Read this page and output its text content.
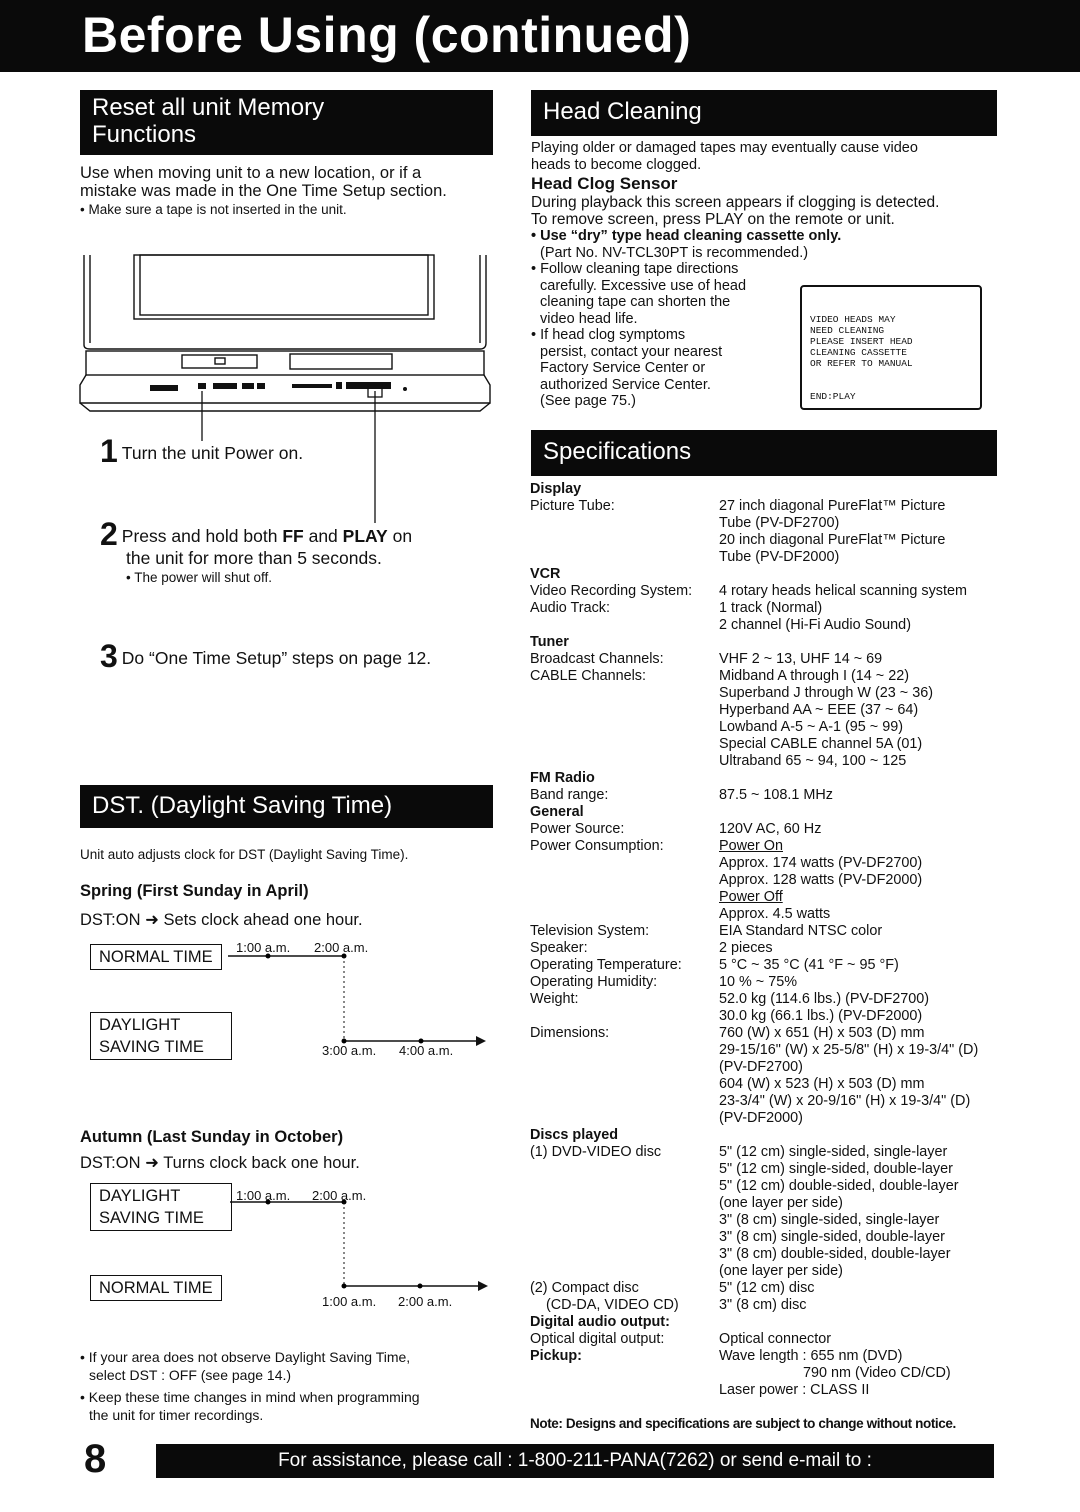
Before Using (continued)
Reset all unit Memory
Functions
Use when moving unit to a new location, or if a
mistake was made in the One Time Setup section.
• Make sure a tape is not inserted in the unit.
1 Turn the unit Power on.
2 Press and hold both FF and PLAY on
the unit for more than 5 seconds.
• The power will shut off.
3 Do “One Time Setup” steps on page 12.
DST. (Daylight Saving Time)
Unit auto adjusts clock for DST (Daylight Saving Time).
Spring (First Sunday in April)
DST:ON ➜ Sets clock ahead one hour.
NORMAL TIME
DAYLIGHT
SAVING TIME
1:00 a.m. 2:00 a.m.
3:00 a.m. 4:00 a.m.
Autumn (Last Sunday in October)
DST:ON ➜ Turns clock back one hour.
DAYLIGHT
SAVING TIME
NORMAL TIME
1:00 a.m. 2:00 a.m.
1:00 a.m. 2:00 a.m.
• If your area does not observe Daylight Saving Time,
select DST : OFF (see page 14.)
• Keep these time changes in mind when programming
the unit for timer recordings.
Head Cleaning
Playing older or damaged tapes may eventually cause video
heads to become clogged.
Head Clog Sensor
During playback this screen appears if clogging is detected.
To remove screen, press PLAY on the remote or unit.
• Use “dry” type head cleaning cassette only.
(Part No. NV-TCL30PT is recommended.)
• Follow cleaning tape directions
carefully. Excessive use of head
cleaning tape can shorten the
video head life.
• If head clog symptoms
persist, contact your nearest
Factory Service Center or
authorized Service Center.
(See page 75.)
VIDEO HEADS MAY
NEED CLEANING
PLEASE INSERT HEAD
CLEANING CASSETTE
OR REFER TO MANUAL
END:PLAY
Specifications
Display
Picture Tube:	27 inch diagonal PureFlat™ Picture
Tube (PV-DF2700)
20 inch diagonal PureFlat™ Picture
Tube (PV-DF2000)
VCR
Video Recording System: 4 rotary heads helical scanning system
Audio Track:	1 track (Normal)
2 channel (Hi-Fi Audio Sound)
Tuner
Broadcast Channels:	VHF 2 ~ 13, UHF 14 ~ 69
CABLE Channels:	Midband A through I (14 ~ 22)
Superband J through W (23 ~ 36)
Hyperband AA ~ EEE (37 ~ 64)
Lowband A-5 ~ A-1 (95 ~ 99)
Special CABLE channel 5A (01)
Ultraband 65 ~ 94, 100 ~ 125
FM Radio
Band range:	87.5 ~ 108.1 MHz
General
Power Source:	120V AC, 60 Hz
Power Consumption:	Power On
Approx. 174 watts (PV-DF2700)
Approx. 128 watts (PV-DF2000)
Power Off
Approx. 4.5 watts
Television System:	EIA Standard NTSC color
Speaker:	2 pieces
Operating Temperature:	5 °C ~ 35 °C (41 °F ~ 95 °F)
Operating Humidity:	10 % ~ 75%
Weight:	52.0 kg (114.6 lbs.) (PV-DF2700)
30.0 kg (66.1 lbs.) (PV-DF2000)
Dimensions:	760 (W) x 651 (H) x 503 (D) mm
29-15/16" (W) x 25-5/8" (H) x 19-3/4" (D)
(PV-DF2700)
604 (W) x 523 (H) x 503 (D) mm
23-3/4" (W) x 20-9/16" (H) x 19-3/4" (D)
(PV-DF2000)
Discs played
(1) DVD-VIDEO disc	5" (12 cm) single-sided, single-layer
5" (12 cm) single-sided, double-layer
5" (12 cm) double-sided, double-layer
(one layer per side)
3" (8 cm) single-sided, single-layer
3" (8 cm) single-sided, double-layer
3" (8 cm) double-sided, double-layer
(one layer per side)
(2) Compact disc	5" (12 cm) disc
(CD-DA, VIDEO CD)	3" (8 cm) disc
Digital audio output:
Optical digital output:	Optical connector
Pickup:	Wave length : 655 nm (DVD)
790 nm (Video CD/CD)
Laser power : CLASS II
Note: Designs and specifications are subject to change without notice.
8	For assistance, please call : 1-800-211-PANA(7262) or send e-mail to : consumerproducts@panasonic.com
